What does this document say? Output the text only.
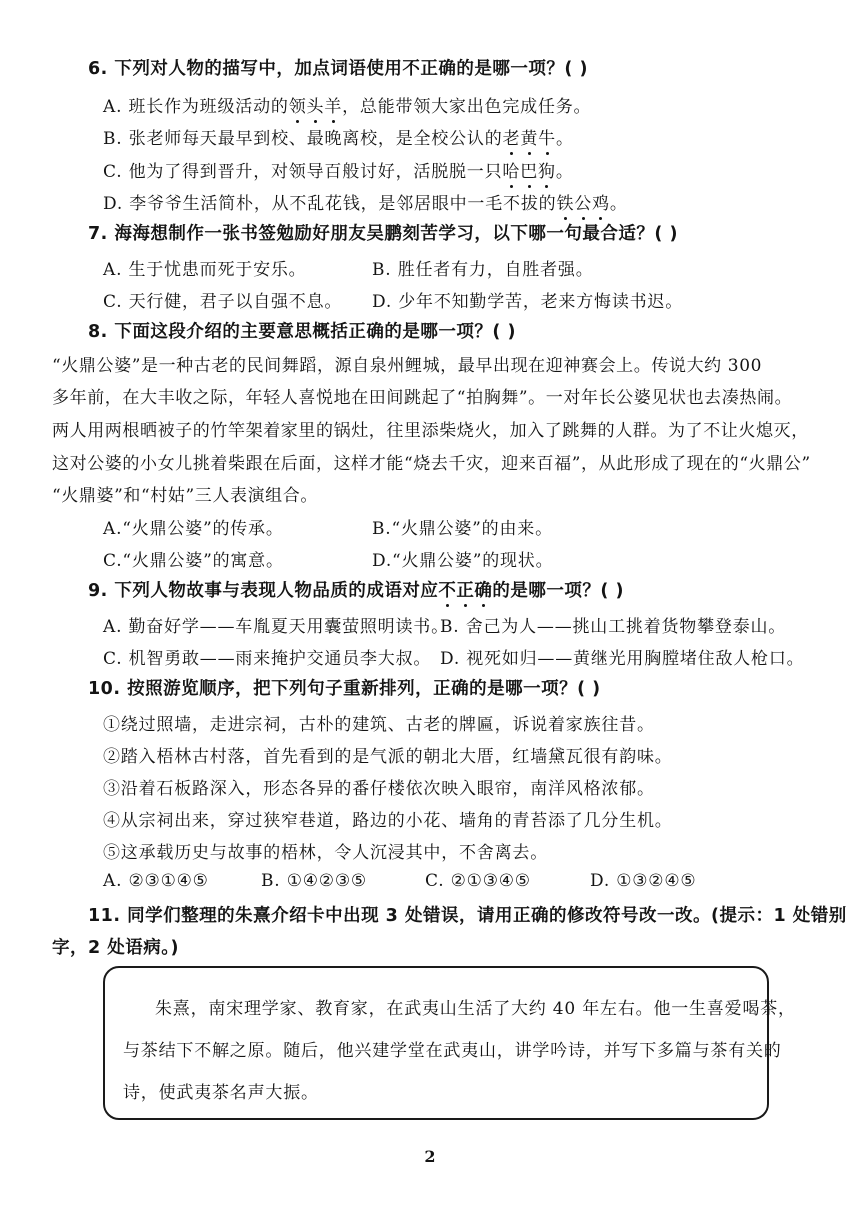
6. 下列对人物的描写中，加点词语使用不正确的是哪一项？( )
A. 班长作为班级活动的领头羊，总能带领大家出色完成任务。
B. 张老师每天最早到校、最晚离校，是全校公认的老黄牛。
C. 他为了得到晋升，对领导百般讨好，活脱脱一只哈巴狗。
D. 李爷爷生活简朴，从不乱花钱，是邻居眼中一毛不拔的铁公鸡。
7. 海海想制作一张书签勉励好朋友吴鹏刻苦学习，以下哪一句最合适？( )
A. 生于忧患而死于安乐。	B. 胜任者有力，自胜者强。
C. 天行健，君子以自强不息。 D. 少年不知勤学苦，老来方悔读书迟。
8. 下面这段介绍的主要意思概括正确的是哪一项？( )
“火鼎公婆”是一种古老的民间舞蹈，源自泉州鲤城，最早出现在迎神赛会上。传说大约 300
多年前，在大丰收之际，年轻人喜悦地在田间跳起了“拍胸舞”。一对年长公婆见状也去凑热闹。
两人用两根晒被子的竹竿架着家里的锅灶，往里添柴烧火，加入了跳舞的人群。为了不让火熄灭，
这对公婆的小女儿挑着柴跟在后面，这样才能“烧去千灾，迎来百福”，从此形成了现在的“火鼎公”
“火鼎婆”和“村姑”三人表演组合。
A.“火鼎公婆”的传承。	B.“火鼎公婆”的由来。
C.“火鼎公婆”的寓意。	D.“火鼎公婆”的现状。
9. 下列人物故事与表现人物品质的成语对应不正确的是哪一项？( )
A. 勤奋好学——车胤夏天用囊萤照明读书。
B. 舍己为人——挑山工挑着货物攀登泰山。
C. 机智勇敢——雨来掩护交通员李大叔。 D. 视死如归——黄继光用胸膛堵住敌人枪口。
10. 按照游览顺序，把下列句子重新排列，正确的是哪一项？( )
①绕过照墙，走进宗祠，古朴的建筑、古老的牌匾，诉说着家族往昔。
②踏入梧林古村落，首先看到的是气派的朝北大厝，红墙黛瓦很有韵味。
③沿着石板路深入，形态各异的番仔楼依次映入眼帘，南洋风格浓郁。
④从宗祠出来，穿过狭窄巷道，路边的小花、墙角的青苔添了几分生机。
⑤这承载历史与故事的梧林，令人沉浸其中，不舍离去。
A. ②③①④⑤	B. ①④②③⑤	C. ②①③④⑤	D. ①③②④⑤
11. 同学们整理的朱熹介绍卡中出现 3 处错误，请用正确的修改符号改一改。(提示：1 处错别
字，2 处语病。)
朱熹，南宋理学家、教育家，在武夷山生活了大约 40 年左右。他一生喜爱喝茶，
与茶结下不解之原。随后，他兴建学堂在武夷山，讲学吟诗，并写下多篇与茶有关的
诗，使武夷茶名声大振。
2
